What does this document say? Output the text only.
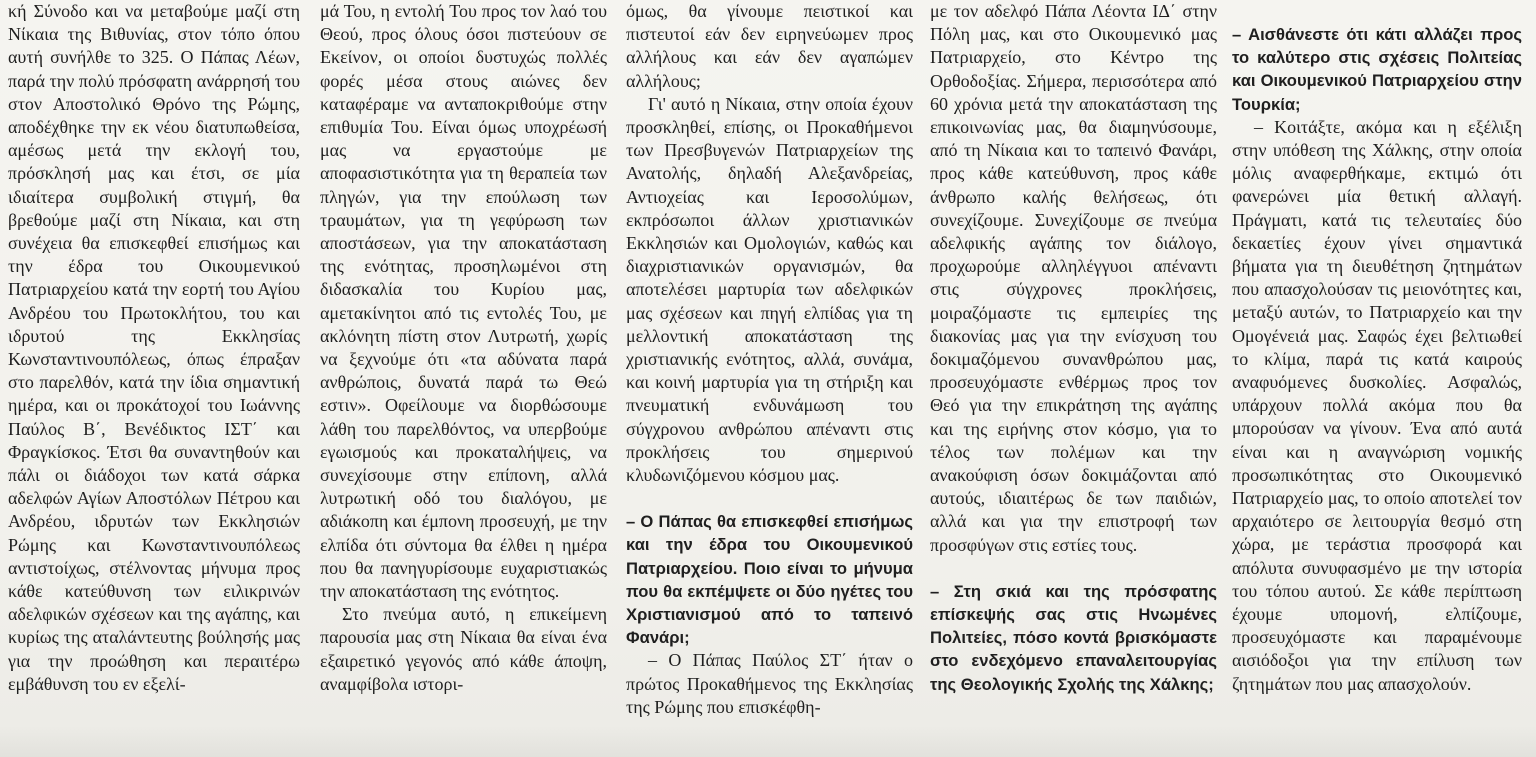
κή Σύνοδο και να μεταβούμε μαζί στη Νίκαια της Βιθυνίας, στον τόπο όπου αυτή συνήλθε το 325. Ο Πάπας Λέων, παρά την πολύ πρόσφατη ανάρρησή του στον Αποστολικό Θρόνο της Ρώμης, αποδέχθηκε την εκ νέου διατυπωθείσα, αμέσως μετά την εκλογή του, πρόσκλησή μας και έτσι, σε μία ιδιαίτερα συμβολική στιγμή, θα βρεθούμε μαζί στη Νίκαια, και στη συνέχεια θα επισκεφθεί επισήμως και την έδρα του Οικουμενικού Πατριαρχείου κατά την εορτή του Αγίου Ανδρέου του Πρωτοκλήτου, του και ιδρυτού της Εκκλησίας Κωνσταντινουπόλεως, όπως έπραξαν στο παρελθόν, κατά την ίδια σημαντική ημέρα, και οι προκάτοχοί του Ιωάννης Παύλος Β΄, Βενέδικτος ΙΣΤ΄ και Φραγκίσκος. Έτσι θα συναντηθούν και πάλι οι διάδοχοι των κατά σάρκα αδελφών Αγίων Αποστόλων Πέτρου και Ανδρέου, ιδρυτών των Εκκλησιών Ρώμης και Κωνσταντινουπόλεως αντιστοίχως, στέλνοντας μήνυμα προς κάθε κατεύθυνση των ειλικρινών αδελφικών σχέσεων και της αγάπης, και κυρίως της αταλάντευτης βούλησής μας για την προώθηση και περαιτέρω εμβάθυνση του εν εξελί-

μά Του, η εντολή Του προς τον λαό του Θεού, προς όλους όσοι πιστεύουν σε Εκείνον, οι οποίοι δυστυχώς πολλές φορές μέσα στους αιώνες δεν καταφέραμε να ανταποκριθούμε στην επιθυμία Του. Είναι όμως υποχρέωσή μας να εργαστούμε με αποφασιστικότητα για τη θεραπεία των πληγών, για την επούλωση των τραυμάτων, για τη γεφύρωση των αποστάσεων, για την αποκατάσταση της ενότητας, προσηλωμένοι στη διδασκαλία του Κυρίου μας, αμετακίνητοι από τις εντολές Του, με ακλόνητη πίστη στον Λυτρωτή, χωρίς να ξεχνούμε ότι «τα αδύνατα παρά ανθρώποις, δυνατά παρά τω Θεώ εστιν». Οφείλουμε να διορθώσουμε λάθη του παρελθόντος, να υπερβούμε εγωισμούς και προκαταλήψεις, να συνεχίσουμε στην επίπονη, αλλά λυτρωτική οδό του διαλόγου, με αδιάκοπη και έμπονη προσευχή, με την ελπίδα ότι σύντομα θα έλθει η ημέρα που θα πανηγυρίσουμε ευχαριστιακώς την αποκατάσταση της ενότητος.

Στο πνεύμα αυτό, η επικείμενη παρουσία μας στη Νίκαια θα είναι ένα εξαιρετικό γεγονός από κάθε άποψη, αναμφίβολα ιστορι-

όμως, θα γίνουμε πειστικοί και πιστευτοί εάν δεν ειρηνεύωμεν προς αλλήλους και εάν δεν αγαπώμεν αλλήλους;

Γι' αυτό η Νίκαια, στην οποία έχουν προσκληθεί, επίσης, οι Προκαθήμενοι των Πρεσβυγενών Πατριαρχείων της Ανατολής, δηλαδή Αλεξανδρείας, Αντιοχείας και Ιεροσολύμων, εκπρόσωποι άλλων χριστιανικών Εκκλησιών και Ομολογιών, καθώς και διαχριστιανικών οργανισμών, θα αποτελέσει μαρτυρία των αδελφικών μας σχέσεων και πηγή ελπίδας για τη μελλοντική αποκατάσταση της χριστιανικής ενότητος, αλλά, συνάμα, και κοινή μαρτυρία για τη στήριξη και πνευματική ενδυνάμωση του σύγχρονου ανθρώπου απέναντι στις προκλήσεις του σημερινού κλυδωνιζόμενου κόσμου μας.

– Ο Πάπας θα επισκεφθεί επισήμως και την έδρα του Οικουμενικού Πατριαρχείου. Ποιο είναι το μήνυμα που θα εκπέμψετε οι δύο ηγέτες του Χριστιανισμού από το ταπεινό Φανάρι;

– Ο Πάπας Παύλος ΣΤ΄ ήταν ο πρώτος Προκαθήμενος της Εκκλησίας της Ρώμης που επισκέφθη-

με τον αδελφό Πάπα Λέοντα ΙΔ΄ στην Πόλη μας, και στο Οικουμενικό μας Πατριαρχείο, στο Κέντρο της Ορθοδοξίας. Σήμερα, περισσότερα από 60 χρόνια μετά την αποκατάσταση της επικοινωνίας μας, θα διαμηνύσουμε, από τη Νίκαια και το ταπεινό Φανάρι, προς κάθε κατεύθυνση, προς κάθε άνθρωπο καλής θελήσεως, ότι συνεχίζουμε. Συνεχίζουμε σε πνεύμα αδελφικής αγάπης τον διάλογο, προχωρούμε αλληλέγγυοι απέναντι στις σύγχρονες προκλήσεις, μοιραζόμαστε τις εμπειρίες της διακονίας μας για την ενίσχυση του δοκιμαζόμενου συνανθρώπου μας, προσευχόμαστε ενθέρμως προς τον Θεό για την επικράτηση της αγάπης και της ειρήνης στον κόσμο, για το τέλος των πολέμων και την ανακούφιση όσων δοκιμάζονται από αυτούς, ιδιαιτέρως δε των παιδιών, αλλά και για την επιστροφή των προσφύγων στις εστίες τους.

– Στη σκιά και της πρόσφατης επίσκεψής σας στις Ηνωμένες Πολιτείες, πόσο κοντά βρισκόμαστε στο ενδεχόμενο επαναλειτουργίας της Θεολογικής Σχολής της Χάλκης;

– Αισθάνεστε ότι κάτι αλλάζει προς το καλύτερο στις σχέσεις Πολιτείας και Οικουμενικού Πατριαρχείου στην Τουρκία;

– Κοιτάξτε, ακόμα και η εξέλιξη στην υπόθεση της Χάλκης, στην οποία μόλις αναφερθήκαμε, εκτιμώ ότι φανερώνει μία θετική αλλαγή. Πράγματι, κατά τις τελευταίες δύο δεκαετίες έχουν γίνει σημαντικά βήματα για τη διευθέτηση ζητημάτων που απασχολούσαν τις μειονότητες και, μεταξύ αυτών, το Πατριαρχείο και την Ομογένειά μας. Σαφώς έχει βελτιωθεί το κλίμα, παρά τις κατά καιρούς αναφυόμενες δυσκολίες. Ασφαλώς, υπάρχουν πολλά ακόμα που θα μπορούσαν να γίνουν. Ένα από αυτά είναι και η αναγνώριση νομικής προσωπικότητας στο Οικουμενικό Πατριαρχείο μας, το οποίο αποτελεί τον αρχαιότερο σε λειτουργία θεσμό στη χώρα, με τεράστια προσφορά και απόλυτα συνυφασμένο με την ιστορία του τόπου αυτού. Σε κάθε περίπτωση έχουμε υπομονή, ελπίζουμε, προσευχόμαστε και παραμένουμε αισιόδοξοι για την επίλυση των ζητημάτων που μας απασχολούν.
